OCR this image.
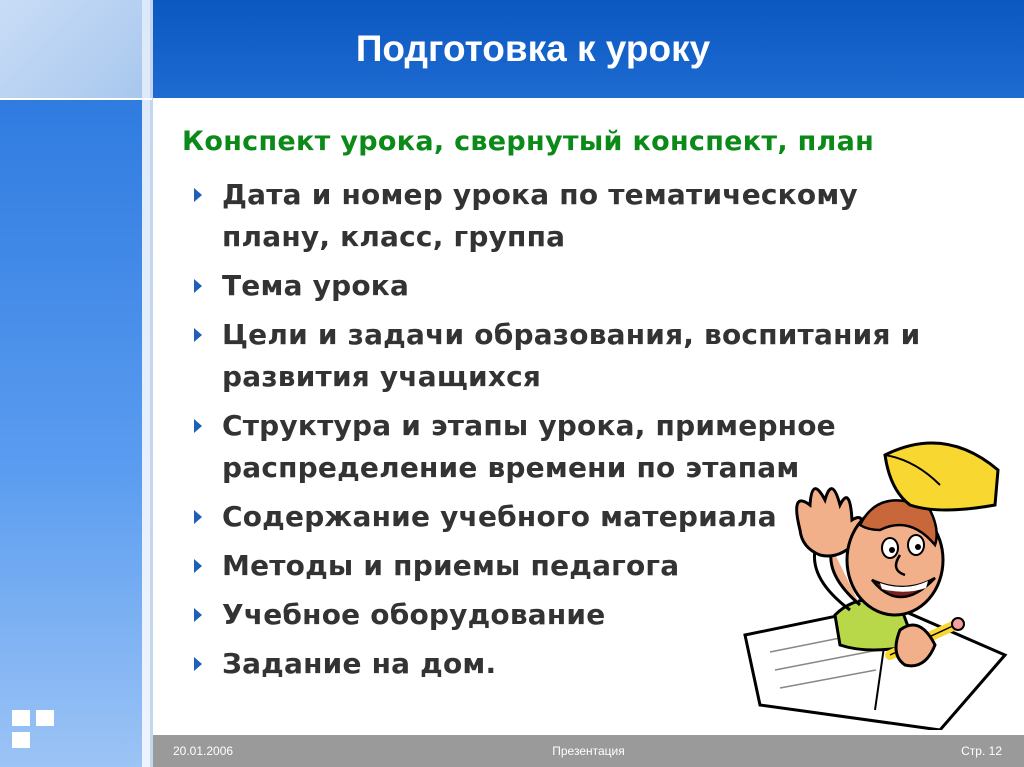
Подготовка к уроку
Конспект урока, свернутый конспект, план
Дата и номер урока по тематическому плану, класс, группа
Тема урока
Цели и задачи образования, воспитания и развития учащихся
Структура и этапы урока, примерное распределение времени по этапам
Содержание учебного материала
Методы и приемы педагога
Учебное оборудование
Задание на дом.
20.01.2006	Презентация	Стр. 12
